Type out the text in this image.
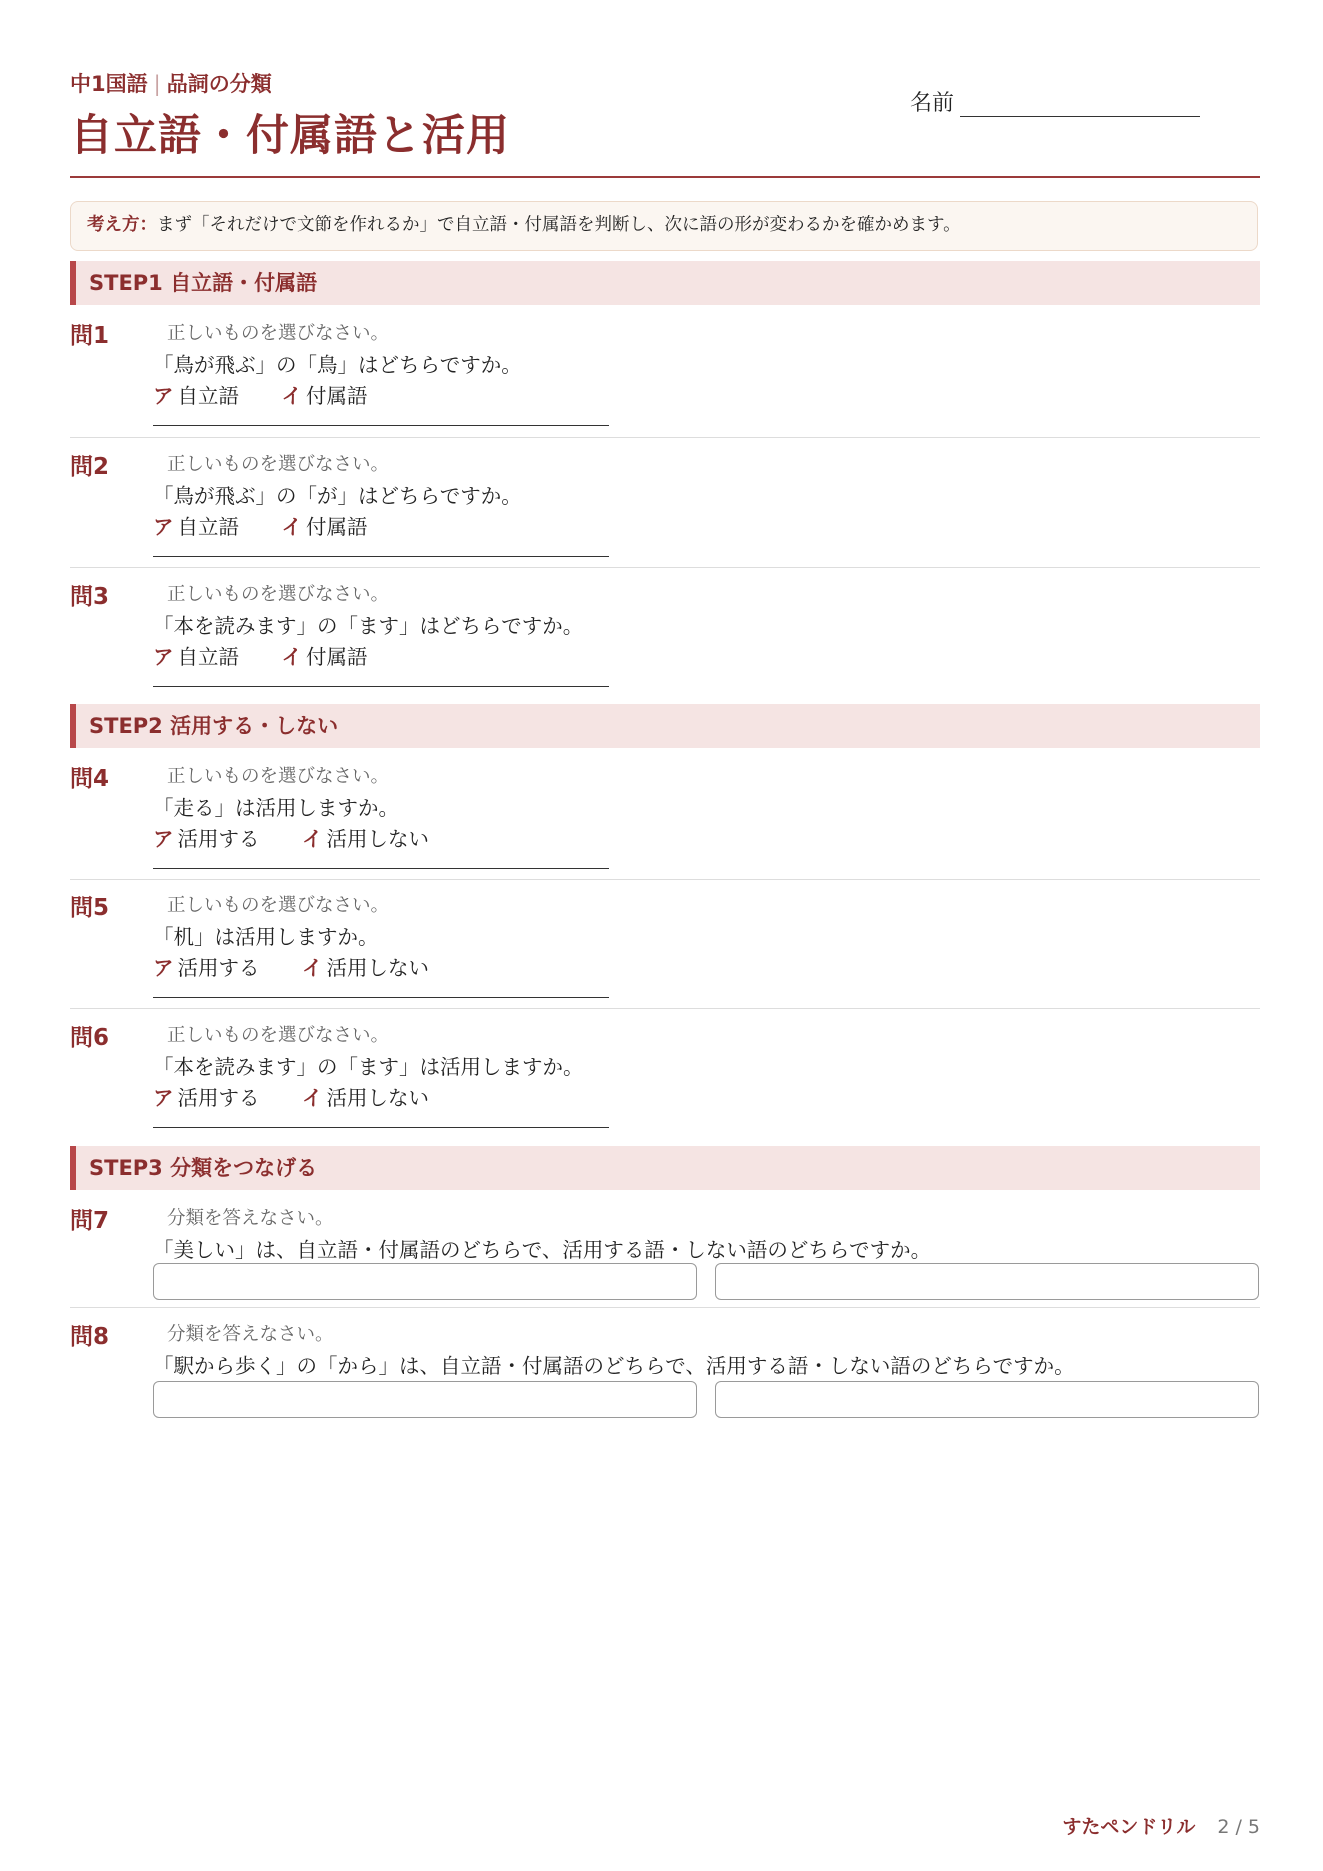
中1国語 | 品詞の分類
自立語・付属語と活用
名前
考え方：まず「それだけで文節を作れるか」で自立語・付属語を判断し、次に語の形が変わるかを確かめます。
STEP1 自立語・付属語
問1	正しいものを選びなさい。
「鳥が飛ぶ」の「鳥」はどちらですか。
ア 自立語 イ 付属語
問2	正しいものを選びなさい。
「鳥が飛ぶ」の「が」はどちらですか。
ア 自立語 イ 付属語
問3	正しいものを選びなさい。
「本を読みます」の「ます」はどちらですか。
ア 自立語 イ 付属語
STEP2 活用する・しない
問4	正しいものを選びなさい。
「走る」は活用しますか。
ア 活用する イ 活用しない
問5	正しいものを選びなさい。
「机」は活用しますか。
ア 活用する イ 活用しない
問6	正しいものを選びなさい。
「本を読みます」の「ます」は活用しますか。
ア 活用する イ 活用しない
STEP3 分類をつなげる
問7	分類を答えなさい。
「美しい」は、自立語・付属語のどちらで、活用する語・しない語のどちらですか。
問8	分類を答えなさい。
「駅から歩く」の「から」は、自立語・付属語のどちらで、活用する語・しない語のどちらですか。
すたペンドリル 2 / 5
